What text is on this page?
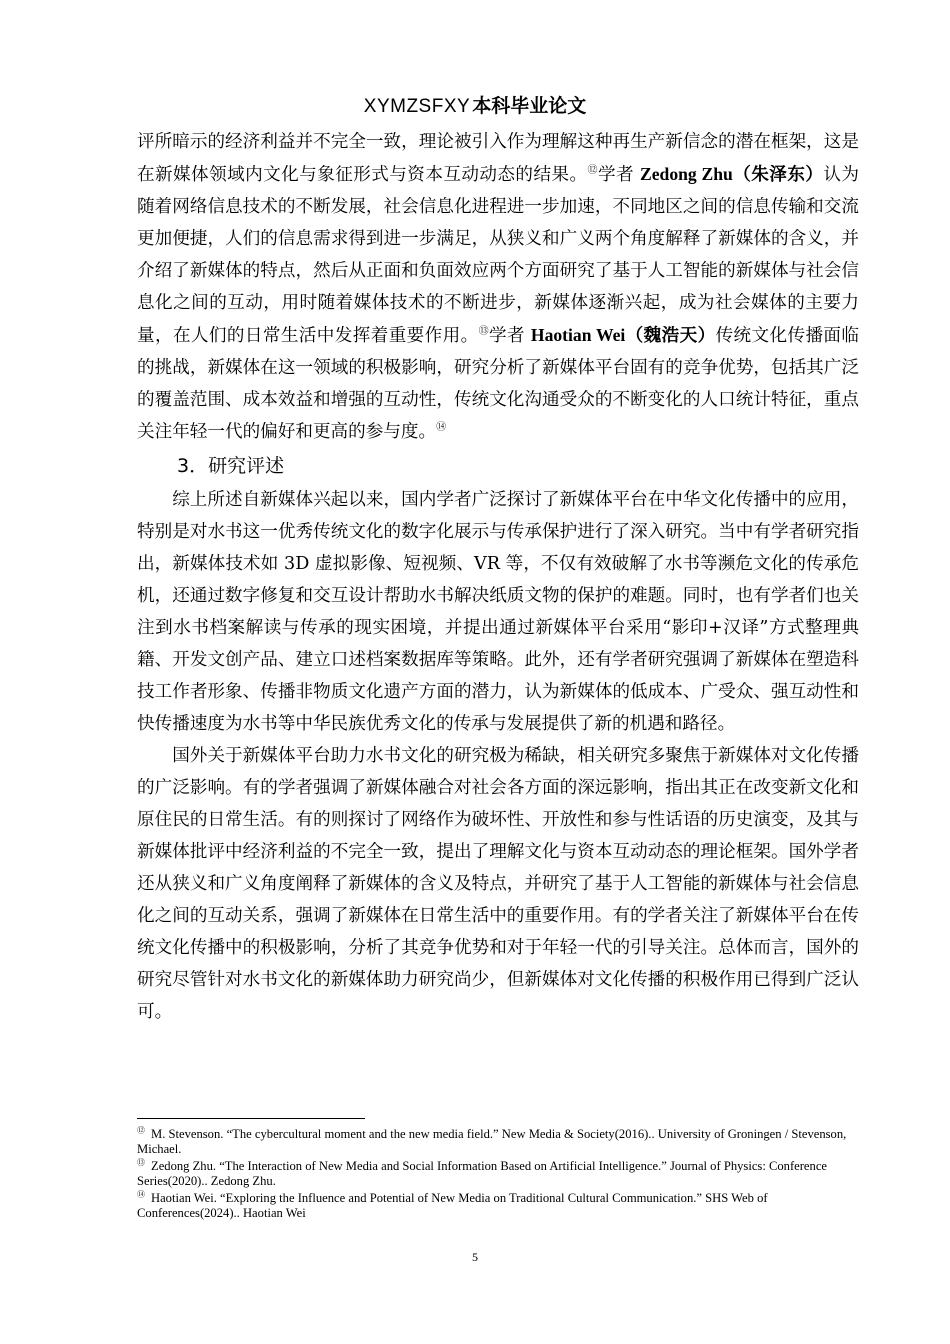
XYMZSFXY 本科毕业论文

评所暗示的经济利益并不完全一致，理论被引入作为理解这种再生产新信念的潜在框架，这是在新媒体领域内文化与象征形式与资本互动动态的结果。⑫学者 Zedong Zhu（朱泽东）认为随着网络信息技术的不断发展，社会信息化进程进一步加速，不同地区之间的信息传输和交流更加便捷，人们的信息需求得到进一步满足，从狭义和广义两个角度解释了新媒体的含义，并介绍了新媒体的特点，然后从正面和负面效应两个方面研究了基于人工智能的新媒体与社会信息化之间的互动，用时随着媒体技术的不断进步，新媒体逐渐兴起，成为社会媒体的主要力量，在人们的日常生活中发挥着重要作用。⑬学者 Haotian Wei（魏浩天）传统文化传播面临的挑战，新媒体在这一领域的积极影响，研究分析了新媒体平台固有的竞争优势，包括其广泛的覆盖范围、成本效益和增强的互动性，传统文化沟通受众的不断变化的人口统计特征，重点关注年轻一代的偏好和更高的参与度。⑭

3．研究评述

综上所述自新媒体兴起以来，国内学者广泛探讨了新媒体平台在中华文化传播中的应用，特别是对水书这一优秀传统文化的数字化展示与传承保护进行了深入研究。当中有学者研究指出，新媒体技术如 3D 虚拟影像、短视频、VR 等，不仅有效破解了水书等濒危文化的传承危机，还通过数字修复和交互设计帮助水书解决纸质文物的保护的难题。同时，也有学者们也关注到水书档案解读与传承的现实困境，并提出通过新媒体平台采用“影印+汉译”方式整理典籍、开发文创产品、建立口述档案数据库等策略。此外，还有学者研究强调了新媒体在塑造科技工作者形象、传播非物质文化遗产方面的潜力，认为新媒体的低成本、广受众、强互动性和快传播速度为水书等中华民族优秀文化的传承与发展提供了新的机遇和路径。

国外关于新媒体平台助力水书文化的研究极为稀缺，相关研究多聚焦于新媒体对文化传播的广泛影响。有的学者强调了新媒体融合对社会各方面的深远影响，指出其正在改变新文化和原住民的日常生活。有的则探讨了网络作为破坏性、开放性和参与性话语的历史演变，及其与新媒体批评中经济利益的不完全一致，提出了理解文化与资本互动动态的理论框架。国外学者还从狭义和广义角度阐释了新媒体的含义及特点，并研究了基于人工智能的新媒体与社会信息化之间的互动关系，强调了新媒体在日常生活中的重要作用。有的学者关注了新媒体平台在传统文化传播中的积极影响，分析了其竞争优势和对于年轻一代的引导关注。总体而言，国外的研究尽管针对水书文化的新媒体助力研究尚少，但新媒体对文化传播的积极作用已得到广泛认可。

⑫ M. Stevenson. “The cybercultural moment and the new media field.” New Media & Society(2016).. University of Groningen / Stevenson, Michael.

⑬ Zedong Zhu. “The Interaction of New Media and Social Information Based on Artificial Intelligence.” Journal of Physics: Conference Series(2020).. Zedong Zhu.

⑭ Haotian Wei. “Exploring the Influence and Potential of New Media on Traditional Cultural Communication.” SHS Web of Conferences(2024).. Haotian Wei

5
